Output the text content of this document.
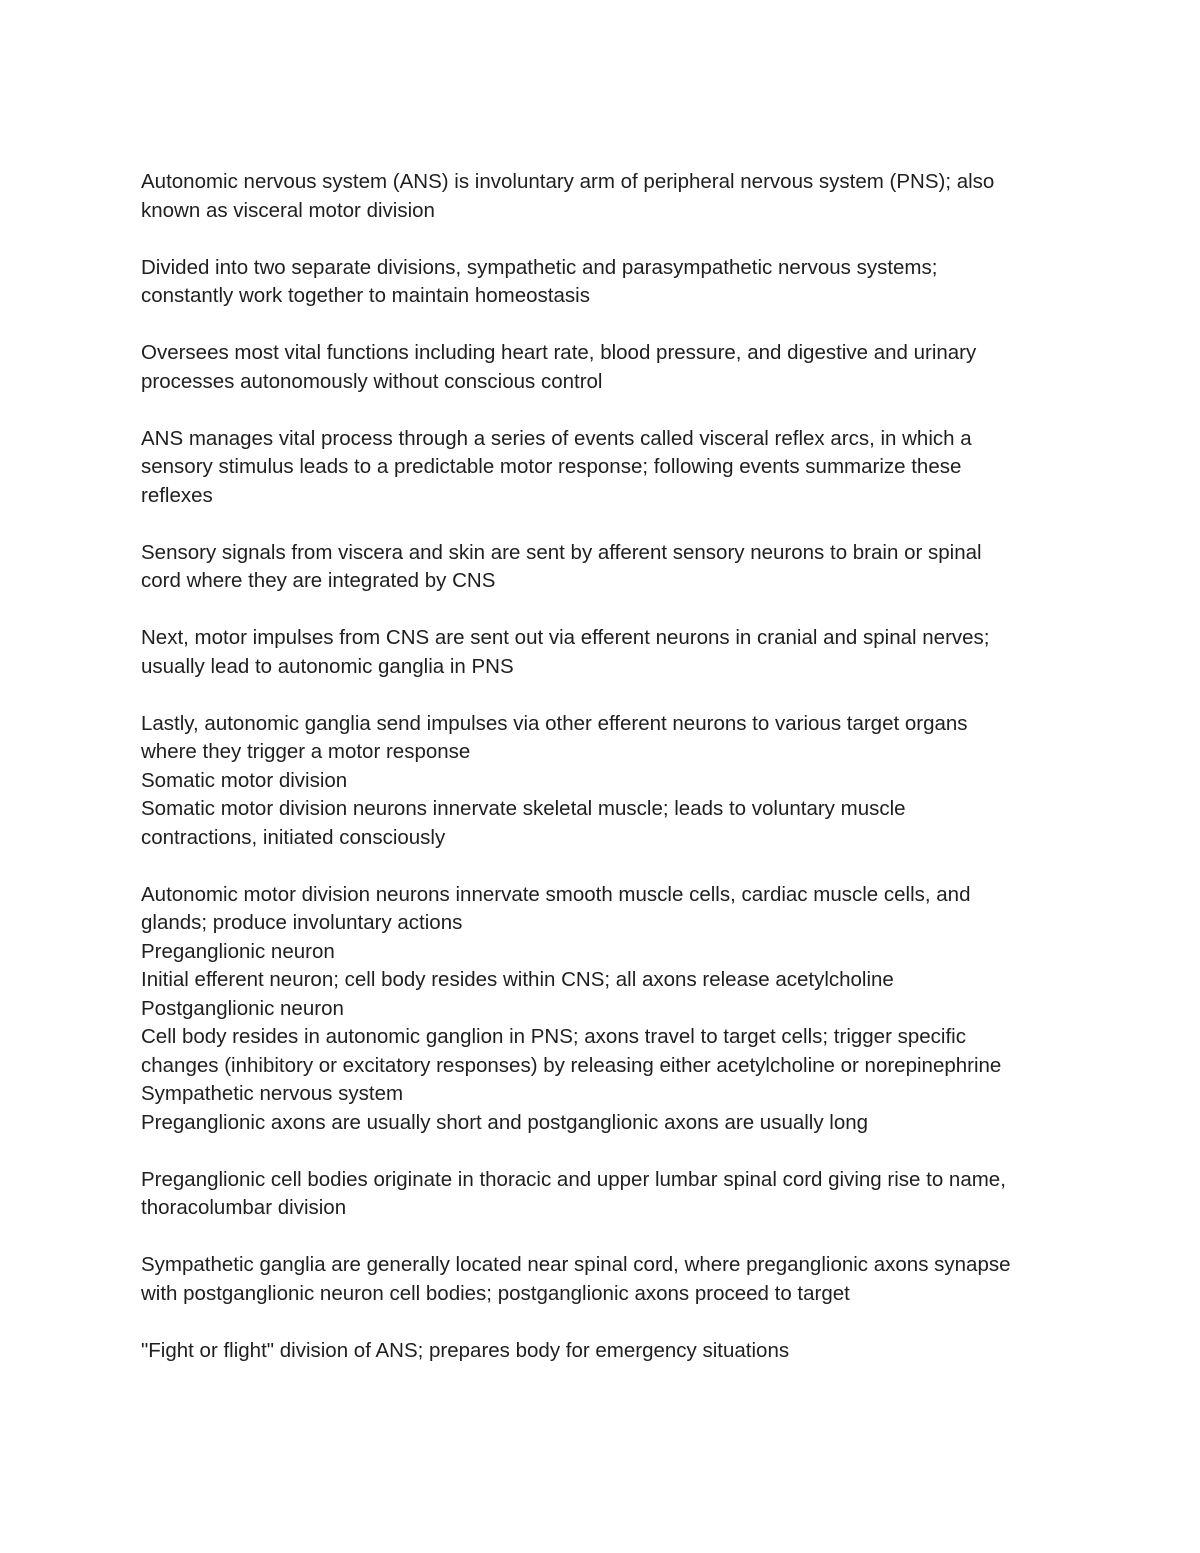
Autonomic nervous system (ANS) is involuntary arm of peripheral nervous system (PNS); also
known as visceral motor division
Divided into two separate divisions, sympathetic and parasympathetic nervous systems;
constantly work together to maintain homeostasis
Oversees most vital functions including heart rate, blood pressure, and digestive and urinary
processes autonomously without conscious control
ANS manages vital process through a series of events called visceral reflex arcs, in which a
sensory stimulus leads to a predictable motor response; following events summarize these
reflexes
Sensory signals from viscera and skin are sent by afferent sensory neurons to brain or spinal
cord where they are integrated by CNS
Next, motor impulses from CNS are sent out via efferent neurons in cranial and spinal nerves;
usually lead to autonomic ganglia in PNS
Lastly, autonomic ganglia send impulses via other efferent neurons to various target organs
where they trigger a motor response
Somatic motor division
Somatic motor division neurons innervate skeletal muscle; leads to voluntary muscle
contractions, initiated consciously
Autonomic motor division neurons innervate smooth muscle cells, cardiac muscle cells, and
glands; produce involuntary actions
Preganglionic neuron
Initial efferent neuron; cell body resides within CNS; all axons release acetylcholine
Postganglionic neuron
Cell body resides in autonomic ganglion in PNS; axons travel to target cells; trigger specific
changes (inhibitory or excitatory responses) by releasing either acetylcholine or norepinephrine
Sympathetic nervous system
Preganglionic axons are usually short and postganglionic axons are usually long
Preganglionic cell bodies originate in thoracic and upper lumbar spinal cord giving rise to name,
thoracolumbar division
Sympathetic ganglia are generally located near spinal cord, where preganglionic axons synapse
with postganglionic neuron cell bodies; postganglionic axons proceed to target
"Fight or flight" division of ANS; prepares body for emergency situations
